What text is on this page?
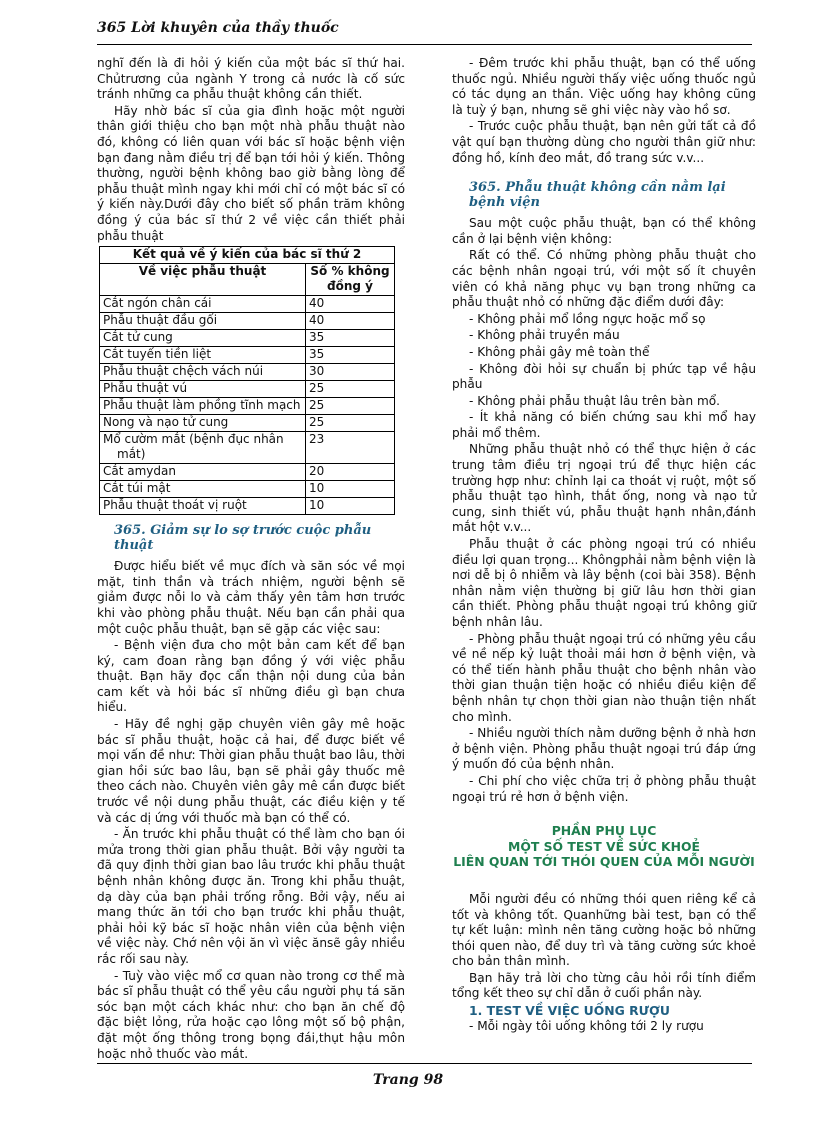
365 Lời khuyên của thầy thuốc

nghĩ đến là đi hỏi ý kiến của một bác sĩ thứ hai. Chủtrương của ngành Y trong cả nước là cố sức tránh những ca phẫu thuật không cần thiết.

Hãy nhờ bác sĩ của gia đình hoặc một người thân giới thiệu cho bạn một nhà phẫu thuật nào đó, không có liên quan với bác sĩ hoặc bệnh viện bạn đang nằm điều trị để bạn tới hỏi ý kiến. Thông thường, người bệnh không bao giờ bằng lòng để phẫu thuật mình ngay khi mới chỉ có một bác sĩ có ý kiến này.Dưới đây cho biết số phần trăm không đồng ý của bác sĩ thứ 2 về việc cần thiết phải phẫu thuật

Kết quả về ý kiến của bác sĩ thứ 2	
Về việc phẫu thuật	Số % không đồng ý
Cắt ngón chân cái	40
Phẫu thuật đầu gối	40
Cắt tử cung	35
Cắt tuyến tiền liệt	35
Phẫu thuật chệch vách núi	30
Phẫu thuật vú	25
Phẫu thuật làm phồng tĩnh mạch	25
Nong và nạo tử cung	25
Mổ cườm mắt (bệnh đục nhân mắt)	23
Cắt amydan	20
Cắt túi mật	10
Phẫu thuật thoát vị ruột	10
365. Giảm sự lo sợ trước cuộc phẫu thuật

Được hiểu biết về mục đích và săn sóc về mọi mặt, tinh thần và trách nhiệm, người bệnh sẽ giảm được nỗi lo và cảm thấy yên tâm hơn trước khi vào phòng phẫu thuật. Nếu bạn cần phải qua một cuộc phẫu thuật, bạn sẽ gặp các việc sau:

- Bệnh viện đưa cho một bản cam kết để bạn ký, cam đoan rằng bạn đồng ý với việc phẫu thuật. Bạn hãy đọc cẩn thận nội dung của bản cam kết và hỏi bác sĩ những điều gì bạn chưa hiểu.

- Hãy đề nghị gặp chuyên viên gây mê hoặc bác sĩ phẫu thuật, hoặc cả hai, để được biết về mọi vấn đề như: Thời gian phẫu thuật bao lâu, thời gian hồi sức bao lâu, bạn sẽ phải gây thuốc mê theo cách nào. Chuyên viên gây mê cần được biết trước về nội dung phẫu thuật, các điều kiện y tế và các dị ứng với thuốc mà bạn có thể có.

- Ăn trước khi phẫu thuật có thể làm cho bạn ói mửa trong thời gian phẫu thuật. Bởi vậy người ta đã quy định thời gian bao lâu trước khi phẫu thuật bệnh nhân không được ăn. Trong khi phẫu thuật, dạ dày của bạn phải trống rỗng. Bởi vậy, nếu ai mang thức ăn tới cho bạn trước khi phẫu thuật, phải hỏi kỹ bác sĩ hoặc nhân viên của bệnh viện về việc này. Chớ nên vội ăn vì việc ănsẽ gây nhiều rắc rối sau này.

- Tuỳ vào việc mổ cơ quan nào trong cơ thể mà bác sĩ phẫu thuật có thể yêu cầu người phụ tá săn sóc bạn một cách khác như: cho bạn ăn chế độ đặc biệt lỏng, rửa hoặc cạo lông một số bộ phận, đặt một ống thông trong bọng đái,thụt hậu môn hoặc nhỏ thuốc vào mắt.

- Đêm trước khi phẫu thuật, bạn có thể uống thuốc ngủ. Nhiều người thấy việc uống thuốc ngủ có tác dụng an thần. Việc uống hay không cũng là tuỳ ý bạn, nhưng sẽ ghi việc này vào hồ sơ.

- Trước cuộc phẫu thuật, bạn nên gửi tất cả đồ vật quí bạn thường dùng cho người thân giữ như: đồng hồ, kính đeo mắt, đồ trang sức v.v...

365. Phẫu thuật không cần nằm lại bệnh viện

Sau một cuộc phẫu thuật, bạn có thể không cần ở lại bệnh viện không:

Rất có thể. Có những phòng phẫu thuật cho các bệnh nhân ngoại trú, với một số ít chuyên viên có khả năng phục vụ bạn trong những ca phẫu thuật nhỏ có những đặc điểm dưới đây:

- Không phải mổ lồng ngực hoặc mổ sọ

- Không phải truyền máu

- Không phải gây mê toàn thể

- Không đòi hỏi sự chuẩn bị phức tạp về hậu phẫu

- Không phải phẫu thuật lâu trên bàn mổ.

- Ít khả năng có biến chứng sau khi mổ hay phải mổ thêm.

Những phẫu thuật nhỏ có thể thực hiện ở các trung tâm điều trị ngoại trú để thực hiện các trường hợp như: chỉnh lại ca thoát vị ruột, một số phẫu thuật tạo hình, thắt ống, nong và nạo tử cung, sinh thiết vú, phẫu thuật hạnh nhân,đánh mắt hột v.v...

Phẫu thuật ở các phòng ngoại trú có nhiều điều lợi quan trọng... Khôngphải nằm bệnh viện là nơi dễ bị ô nhiễm và lây bệnh (coi bài 358). Bệnh nhân nằm viện thường bị giữ lâu hơn thời gian cần thiết. Phòng phẫu thuật ngoại trú không giữ bệnh nhân lâu.

- Phòng phẫu thuật ngoại trú có những yêu cầu về nề nếp kỷ luật thoải mái hơn ở bệnh viện, và có thể tiến hành phẫu thuật cho bệnh nhân vào thời gian thuận tiện hoặc có nhiều điều kiện để bệnh nhân tự chọn thời gian nào thuận tiện nhất cho mình.

- Nhiều người thích nằm dưỡng bệnh ở nhà hơn ở bệnh viện. Phòng phẫu thuật ngoại trú đáp ứng ý muốn đó của bệnh nhân.

- Chi phí cho việc chữa trị ở phòng phẫu thuật ngoại trú rẻ hơn ở bệnh viện.

PHẦN PHỤ LỤC
MỘT SỐ TEST VỀ SỨC KHOẺ
LIÊN QUAN TỚI THÓI QUEN CỦA MỖI NGƯỜI

Mỗi người đều có những thói quen riêng kể cả tốt và không tốt. Quanhững bài test, bạn có thể tự kết luận: mình nên tăng cường hoặc bỏ những thói quen nào, để duy trì và tăng cường sức khoẻ cho bản thân mình.

Bạn hãy trả lời cho từng câu hỏi rồi tính điểm tổng kết theo sự chỉ dẫn ở cuối phần này.

1. TEST VỀ VIỆC UỐNG RƯỢU

- Mỗi ngày tôi uống không tới 2 ly rượu

Trang 98
